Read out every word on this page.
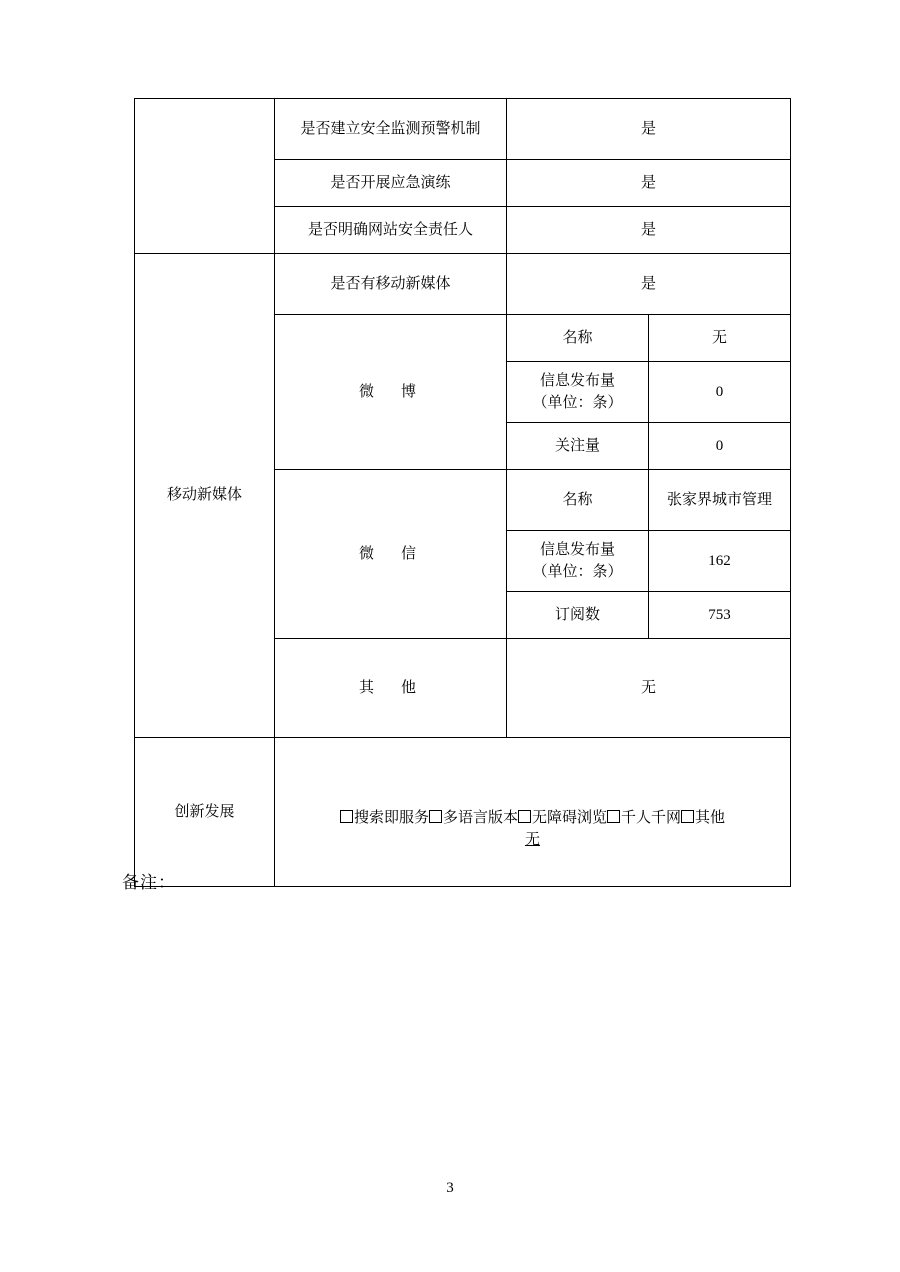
	是否建立安全监测预警机制	是	
	是否开展应急演练	是	
	是否明确网站安全责任人	是	
移动新媒体	是否有移动新媒体	是	
	微　博	名称	无

		信息发布量
（单位：条）	0
		关注量	0
	微　信	名称	张家界城市管理

		信息发布量
（单位：条）	162
		订阅数	753
	其　他	无	
创新发展	搜索即服务 多语言版本 无障碍浏览 千人千网 其他
无		
备注：
3
